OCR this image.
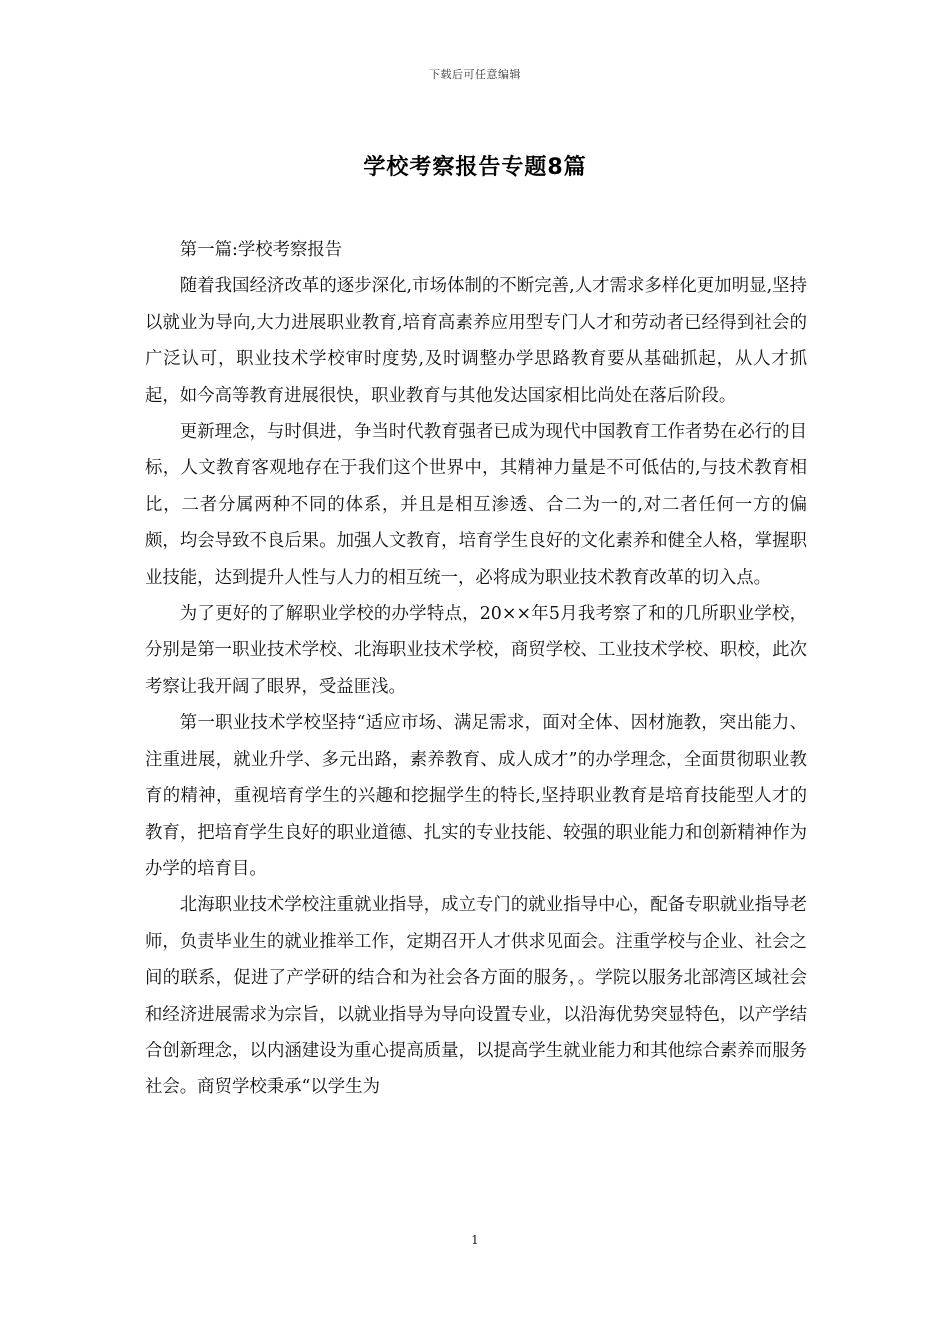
下载后可任意编辑
学校考察报告专题8篇

第一篇:学校考察报告

随着我国经济改革的逐步深化,市场体制的不断完善,人才需求多样化更加明显,坚持以就业为导向,大力进展职业教育,培育高素养应用型专门人才和劳动者已经得到社会的广泛认可，职业技术学校审时度势,及时调整办学思路教育要从基础抓起，从人才抓起，如今高等教育进展很快，职业教育与其他发达国家相比尚处在落后阶段。

更新理念，与时俱进，争当时代教育强者已成为现代中国教育工作者势在必行的目标，人文教育客观地存在于我们这个世界中，其精神力量是不可低估的,与技术教育相比，二者分属两种不同的体系，并且是相互渗透、合二为一的,对二者任何一方的偏颇，均会导致不良后果。加强人文教育，培育学生良好的文化素养和健全人格，掌握职业技能，达到提升人性与人力的相互统一，必将成为职业技术教育改革的切入点。

为了更好的了解职业学校的办学特点，20××年5月我考察了和的几所职业学校，分别是第一职业技术学校、北海职业技术学校，商贸学校、工业技术学校、职校，此次考察让我开阔了眼界，受益匪浅。

第一职业技术学校坚持“适应市场、满足需求，面对全体、因材施教，突出能力、注重进展，就业升学、多元出路，素养教育、成人成才”的办学理念，全面贯彻职业教育的精神，重视培育学生的兴趣和挖掘学生的特长,坚持职业教育是培育技能型人才的教育，把培育学生良好的职业道德、扎实的专业技能、较强的职业能力和创新精神作为办学的培育目。

北海职业技术学校注重就业指导，成立专门的就业指导中心，配备专职就业指导老师，负责毕业生的就业推举工作，定期召开人才供求见面会。注重学校与企业、社会之间的联系，促进了产学研的结合和为社会各方面的服务，。学院以服务北部湾区域社会和经济进展需求为宗旨，以就业指导为导向设置专业，以沿海优势突显特色，以产学结合创新理念，以内涵建设为重心提高质量，以提高学生就业能力和其他综合素养而服务社会。商贸学校秉承“以学生为

1
